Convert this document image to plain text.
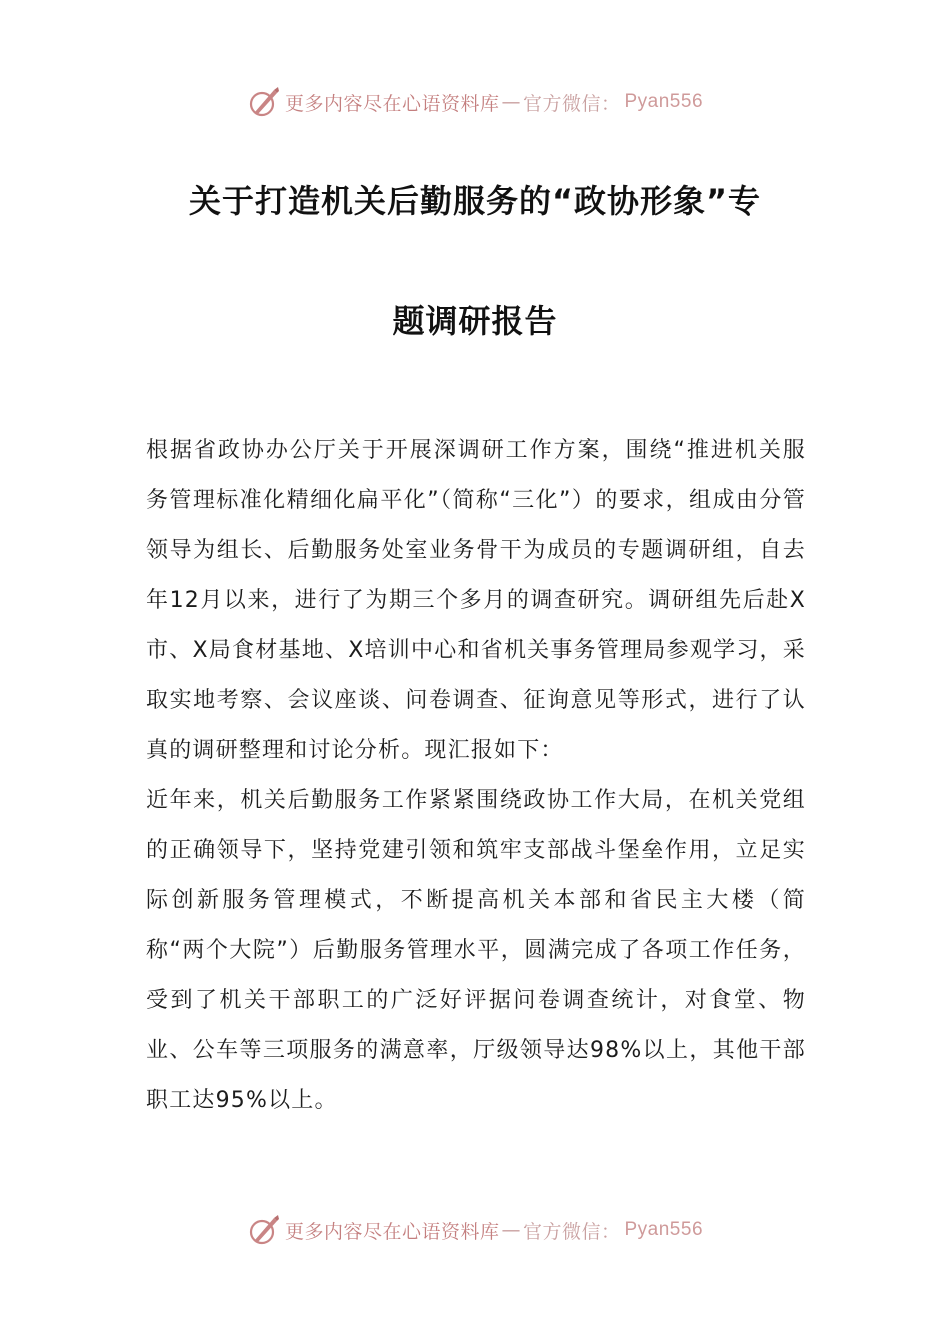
更多内容尽在心语资料库 — 官方微信： Pyan556
关于打造机关后勤服务的“政协形象”专
题调研报告

根据省政协办公厅关于开展深调研工作方案，围绕“推进机关服务管理标准化精细化扁平化”（简称“三化”）的要求，组成由分管领导为组长、后勤服务处室业务骨干为成员的专题调研组，自去年12月以来，进行了为期三个多月的调查研究。调研组先后赴X市、X局食材基地、X培训中心和省机关事务管理局参观学习，采取实地考察、会议座谈、问卷调查、征询意见等形式，进行了认真的调研整理和讨论分析。现汇报如下：

近年来，机关后勤服务工作紧紧围绕政协工作大局，在机关党组的正确领导下，坚持党建引领和筑牢支部战斗堡垒作用，立足实际创新服务管理模式，不断提高机关本部和省民主大楼（简称“两个大院”）后勤服务管理水平，圆满完成了各项工作任务，受到了机关干部职工的广泛好评据问卷调查统计，对食堂、物业、公车等三项服务的满意率，厅级领导达98%以上，其他干部职工达95%以上。

更多内容尽在心语资料库 — 官方微信： Pyan556
